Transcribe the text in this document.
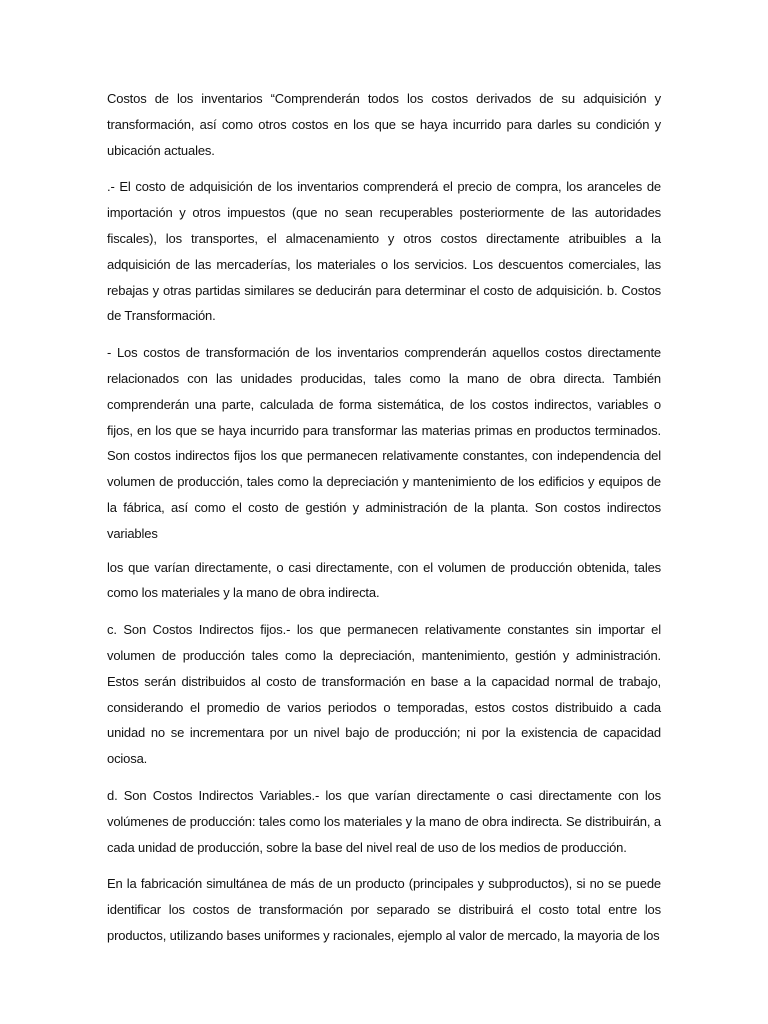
Costos de los inventarios “Comprenderán todos los costos derivados de su adquisición y transformación, así como otros costos en los que se haya incurrido para darles su condición y ubicación actuales.

.- El costo de adquisición de los inventarios comprenderá el precio de compra, los aranceles de importación y otros impuestos (que no sean recuperables posteriormente de las autoridades fiscales), los transportes, el almacenamiento y otros costos directamente atribuibles a la adquisición de las mercaderías, los materiales o los servicios. Los descuentos comerciales, las rebajas y otras partidas similares se deducirán para determinar el costo de adquisición. b. Costos de Transformación.

- Los costos de transformación de los inventarios comprenderán aquellos costos directamente relacionados con las unidades producidas, tales como la mano de obra directa. También comprenderán una parte, calculada de forma sistemática, de los costos indirectos, variables o fijos, en los que se haya incurrido para transformar las materias primas en productos terminados. Son costos indirectos fijos los que permanecen relativamente constantes, con independencia del volumen de producción, tales como la depreciación y mantenimiento de los edificios y equipos de la fábrica, así como el costo de gestión y administración de la planta. Son costos indirectos variables

los que varían directamente, o casi directamente, con el volumen de producción obtenida, tales como los materiales y la mano de obra indirecta.

c. Son Costos Indirectos fijos.- los que permanecen relativamente constantes sin importar el volumen de producción tales como la depreciación, mantenimiento, gestión y administración. Estos serán distribuidos al costo de transformación en base a la capacidad normal de trabajo, considerando el promedio de varios periodos o temporadas, estos costos distribuido a cada unidad no se incrementara por un nivel bajo de producción; ni por la existencia de capacidad ociosa.

d. Son Costos Indirectos Variables.- los que varían directamente o casi directamente con los volúmenes de producción: tales como los materiales y la mano de obra indirecta. Se distribuirán, a cada unidad de producción, sobre la base del nivel real de uso de los medios de producción.

En la fabricación simultánea de más de un producto (principales y subproductos), si no se puede identificar los costos de transformación por separado se distribuirá el costo total entre los productos, utilizando bases uniformes y racionales, ejemplo al valor de mercado, la mayoria de los
